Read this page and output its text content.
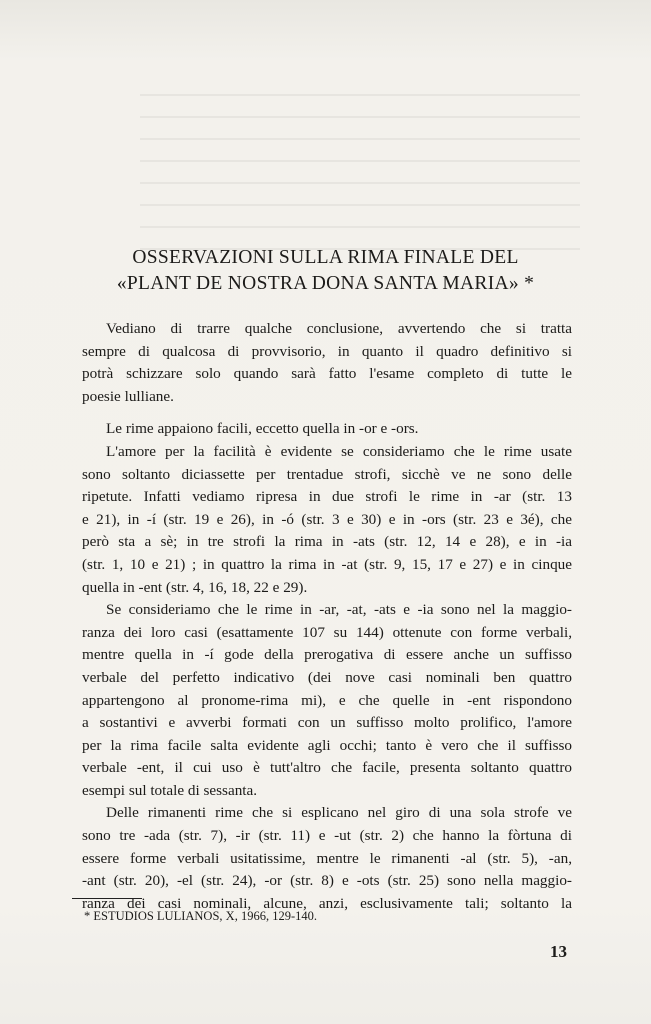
OSSERVAZIONI SULLA RIMA FINALE DEL
«PLANT DE NOSTRA DONA SANTA MARIA» *
Vediano di trarre qualche conclusione, avvertendo che si tratta
sempre di qualcosa di provvisorio, in quanto il quadro definitivo si
potrà schizzare solo quando sarà fatto l'esame completo di tutte le
poesie lulliane.
Le rime appaiono facili, eccetto quella in -or e -ors.
L'amore per la facilità è evidente se consideriamo che le rime usate
sono soltanto diciassette per trentadue strofi, sicchè ve ne sono delle
ripetute. Infatti vediamo ripresa in due strofi le rime in -ar (str. 13
e 21), in -í (str. 19 e 26), in -ó (str. 3 e 30) e in -ors (str. 23 e 3é), che
però sta a sè; in tre strofi la rima in -ats (str. 12, 14 e 28), e in -ia
(str. 1, 10 e 21) ; in quattro la rima in -at (str. 9, 15, 17 e 27) e in cinque
quella in -ent (str. 4, 16, 18, 22 e 29).
Se consideriamo che le rime in -ar, -at, -ats e -ia sono nel la maggio-
ranza dei loro casi (esattamente 107 su 144) ottenute con forme verbali,
mentre quella in -í gode della prerogativa di essere anche un suffisso
verbale del perfetto indicativo (dei nove casi nominali ben quattro
appartengono al pronome-rima mi), e che quelle in -ent rispondono
a sostantivi e avverbi formati con un suffisso molto prolifico, l'amore
per la rima facile salta evidente agli occhi; tanto è vero che il suffisso
verbale -ent, il cui uso è tutt'altro che facile, presenta soltanto quattro
esempi sul totale di sessanta.
Delle rimanenti rime che si esplicano nel giro di una sola strofe ve
sono tre -ada (str. 7), -ir (str. 11) e -ut (str. 2) che hanno la fòrtuna di
essere forme verbali usitatissime, mentre le rimanenti -al (str. 5), -an,
-ant (str. 20), -el (str. 24), -or (str. 8) e -ots (str. 25) sono nella maggio-
ranza dei casi nominali, alcune, anzi, esclusivamente tali; soltanto la
* ESTUDIOS LULIANOS, X, 1966, 129-140.
13
